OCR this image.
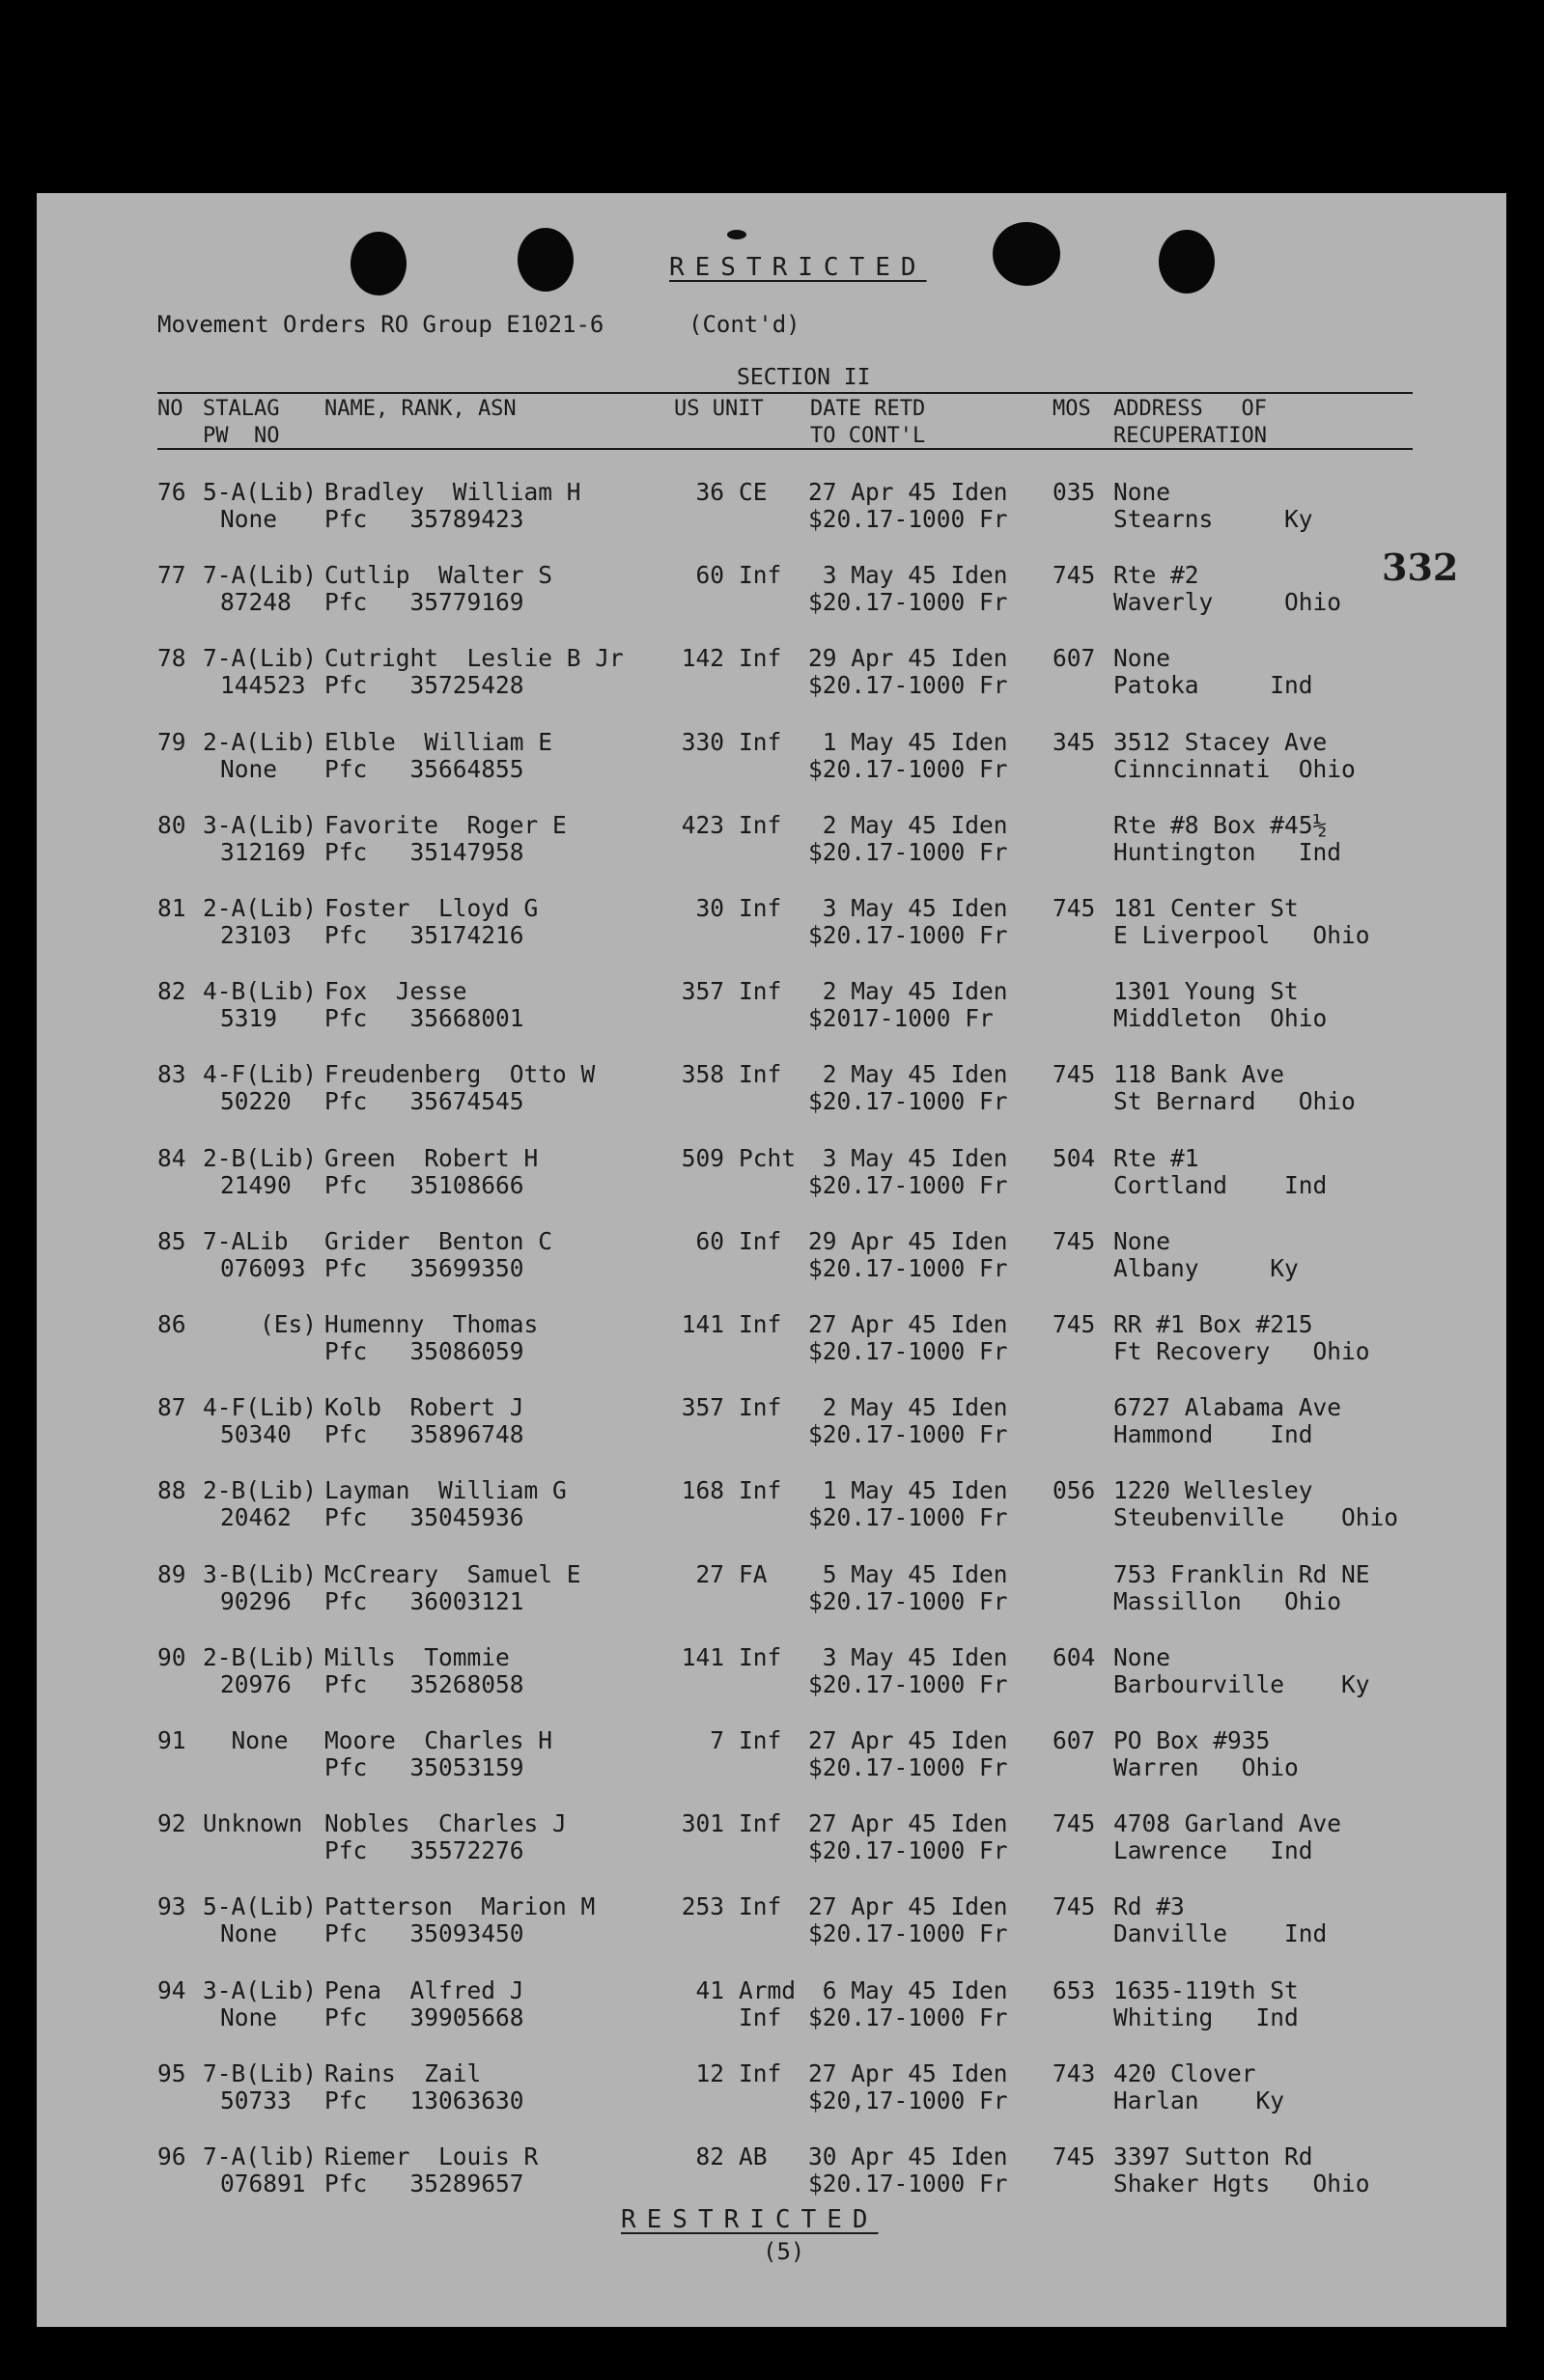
RESTRICTED
Movement Orders RO Group E1021-6	(Cont'd)
SECTION II
NO STALAG
PW  NO
NAME, RANK, ASN	US UNIT DATE RETD
TO CONT'L
MOS ADDRESS   OF
RECUPERATION
76 5-A(Lib)
None
Bradley  William H
Pfc   35789423
36 CE 27 Apr 45 Iden
$20.17-1000 Fr
035 None
Stearns     Ky
77 7-A(Lib)
87248
Cutlip  Walter S
Pfc   35779169
60 Inf 3 May 45 Iden
$20.17-1000 Fr
745 Rte #2
Waverly     Ohio
78 7-A(Lib)
144523
Cutright  Leslie B Jr
Pfc   35725428
142 Inf 29 Apr 45 Iden
$20.17-1000 Fr
607 None
Patoka     Ind
79 2-A(Lib)
None
Elble  William E
Pfc   35664855
330 Inf 1 May 45 Iden
$20.17-1000 Fr
345 3512 Stacey Ave
Cinncinnati  Ohio
80 3-A(Lib)
312169
Favorite  Roger E
Pfc   35147958
423 Inf 2 May 45 Iden
$20.17-1000 Fr
Rte #8 Box #45½
Huntington   Ind
81 2-A(Lib)
23103
Foster  Lloyd G
Pfc   35174216
30 Inf 3 May 45 Iden
$20.17-1000 Fr
745 181 Center St
E Liverpool   Ohio
82 4-B(Lib)
5319
Fox  Jesse
Pfc   35668001
357 Inf 2 May 45 Iden
$2017-1000 Fr
1301 Young St
Middleton  Ohio
83 4-F(Lib)
50220
Freudenberg  Otto W
Pfc   35674545
358 Inf 2 May 45 Iden
$20.17-1000 Fr
745 118 Bank Ave
St Bernard   Ohio
84 2-B(Lib)
21490
Green  Robert H
Pfc   35108666
509 Pcht 3 May 45 Iden
$20.17-1000 Fr
504 Rte #1
Cortland    Ind
85 7-ALib
076093
Grider  Benton C
Pfc   35699350
60 Inf 29 Apr 45 Iden
$20.17-1000 Fr
745 None
Albany     Ky
86 (Es) Humenny  Thomas
Pfc   35086059
141 Inf 27 Apr 45 Iden
$20.17-1000 Fr
745 RR #1 Box #215
Ft Recovery   Ohio
87 4-F(Lib)
50340
Kolb  Robert J
Pfc   35896748
357 Inf 2 May 45 Iden
$20.17-1000 Fr
6727 Alabama Ave
Hammond    Ind
88 2-B(Lib)
20462
Layman  William G
Pfc   35045936
168 Inf 1 May 45 Iden
$20.17-1000 Fr
056 1220 Wellesley
Steubenville    Ohio
89 3-B(Lib)
90296
McCreary  Samuel E
Pfc   36003121
27 FA 5 May 45 Iden
$20.17-1000 Fr
753 Franklin Rd NE
Massillon   Ohio
90 2-B(Lib)
20976
Mills  Tommie
Pfc   35268058
141 Inf 3 May 45 Iden
$20.17-1000 Fr
604 None
Barbourville    Ky
91 None Moore  Charles H
Pfc   35053159
7 Inf 27 Apr 45 Iden
$20.17-1000 Fr
607 PO Box #935
Warren   Ohio
92 Unknown Nobles  Charles J
Pfc   35572276
301 Inf 27 Apr 45 Iden
$20.17-1000 Fr
745 4708 Garland Ave
Lawrence   Ind
93 5-A(Lib)
None
Patterson  Marion M
Pfc   35093450
253 Inf 27 Apr 45 Iden
$20.17-1000 Fr
745 Rd #3
Danville    Ind
94 3-A(Lib)
None
Pena  Alfred J
Pfc   39905668
41 Armd
Inf
6 May 45 Iden
$20.17-1000 Fr
653 1635-119th St
Whiting   Ind
95 7-B(Lib)
50733
Rains  Zail
Pfc   13063630
12 Inf 27 Apr 45 Iden
$20,17-1000 Fr
743 420 Clover
Harlan    Ky
96 7-A(lib)
076891
Riemer  Louis R
Pfc   35289657
82 AB 30 Apr 45 Iden
$20.17-1000 Fr
745 3397 Sutton Rd
Shaker Hgts   Ohio
332
RESTRICTED
(5)
